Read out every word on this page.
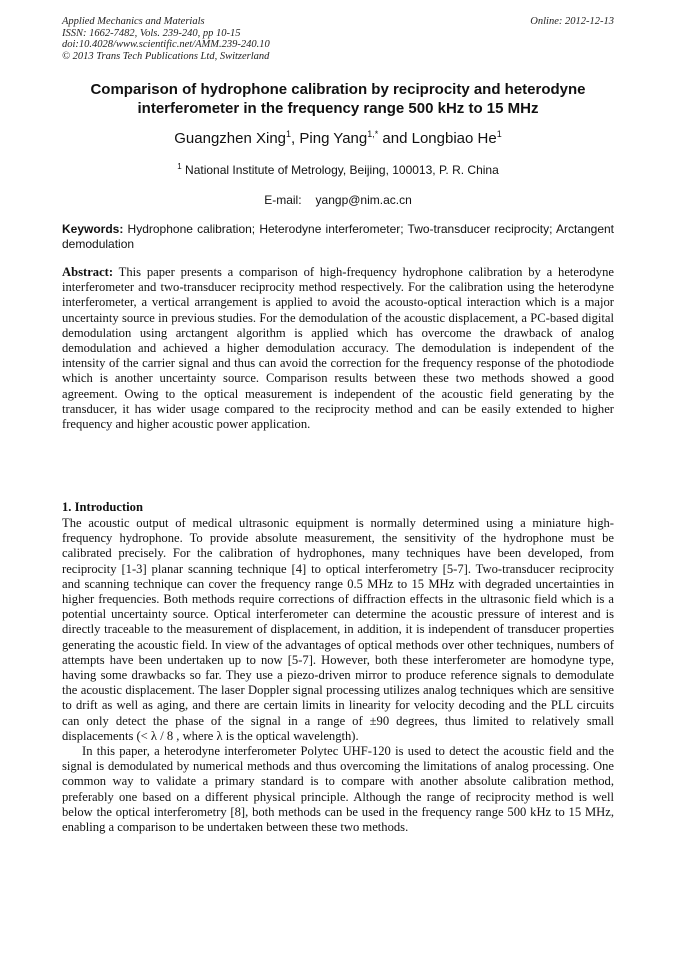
Applied Mechanics and Materials
ISSN: 1662-7482, Vols. 239-240, pp 10-15
doi:10.4028/www.scientific.net/AMM.239-240.10
© 2013 Trans Tech Publications Ltd, Switzerland
Online: 2012-12-13
Comparison of hydrophone calibration by reciprocity and heterodyne interferometer in the frequency range 500 kHz to 15 MHz
Guangzhen Xing$^1$, Ping Yang$^{1,*}$ and Longbiao He$^1$
$^1$ National Institute of Metrology, Beijing, 100013, P. R. China
E-mail: yangp@nim.ac.cn
Keywords: Hydrophone calibration; Heterodyne interferometer; Two-transducer reciprocity; Arctangent demodulation
Abstract: This paper presents a comparison of high-frequency hydrophone calibration by a heterodyne interferometer and two-transducer reciprocity method respectively. For the calibration using the heterodyne interferometer, a vertical arrangement is applied to avoid the acousto-optical interaction which is a major uncertainty source in previous studies. For the demodulation of the acoustic displacement, a PC-based digital demodulation using arctangent algorithm is applied which has overcome the drawback of analog demodulation and achieved a higher demodulation accuracy. The demodulation is independent of the intensity of the carrier signal and thus can avoid the correction for the frequency response of the photodiode which is another uncertainty source. Comparison results between these two methods showed a good agreement. Owing to the optical measurement is independent of the acoustic field generating by the transducer, it has wider usage compared to the reciprocity method and can be easily extended to higher frequency and higher acoustic power application.
1. Introduction

The acoustic output of medical ultrasonic equipment is normally determined using a miniature high-frequency hydrophone. To provide absolute measurement, the sensitivity of the hydrophone must be calibrated precisely. For the calibration of hydrophones, many techniques have been developed, from reciprocity [1-3] planar scanning technique [4] to optical interferometry [5-7]. Two-transducer reciprocity and scanning technique can cover the frequency range 0.5 MHz to 15 MHz with degraded uncertainties in higher frequencies. Both methods require corrections of diffraction effects in the ultrasonic field which is a potential uncertainty source. Optical interferometer can determine the acoustic pressure of interest and is directly traceable to the measurement of displacement, in addition, it is independent of transducer properties generating the acoustic field. In view of the advantages of optical methods over other techniques, numbers of attempts have been undertaken up to now [5-7]. However, both these interferometer are homodyne type, having some drawbacks so far. They use a piezo-driven mirror to produce reference signals to demodulate the acoustic displacement. The laser Doppler signal processing utilizes analog techniques which are sensitive to drift as well as aging, and there are certain limits in linearity for velocity decoding and the PLL circuits can only detect the phase of the signal in a range of ±90 degrees, thus limited to relatively small displacements (< λ / 8 , where λ is the optical wavelength).

In this paper, a heterodyne interferometer Polytec UHF-120 is used to detect the acoustic field and the signal is demodulated by numerical methods and thus overcoming the limitations of analog processing. One common way to validate a primary standard is to compare with another absolute calibration method, preferably one based on a different physical principle. Although the range of reciprocity method is well below the optical interferometry [8], both methods can be used in the frequency range 500 kHz to 15 MHz, enabling a comparison to be undertaken between these two methods.
